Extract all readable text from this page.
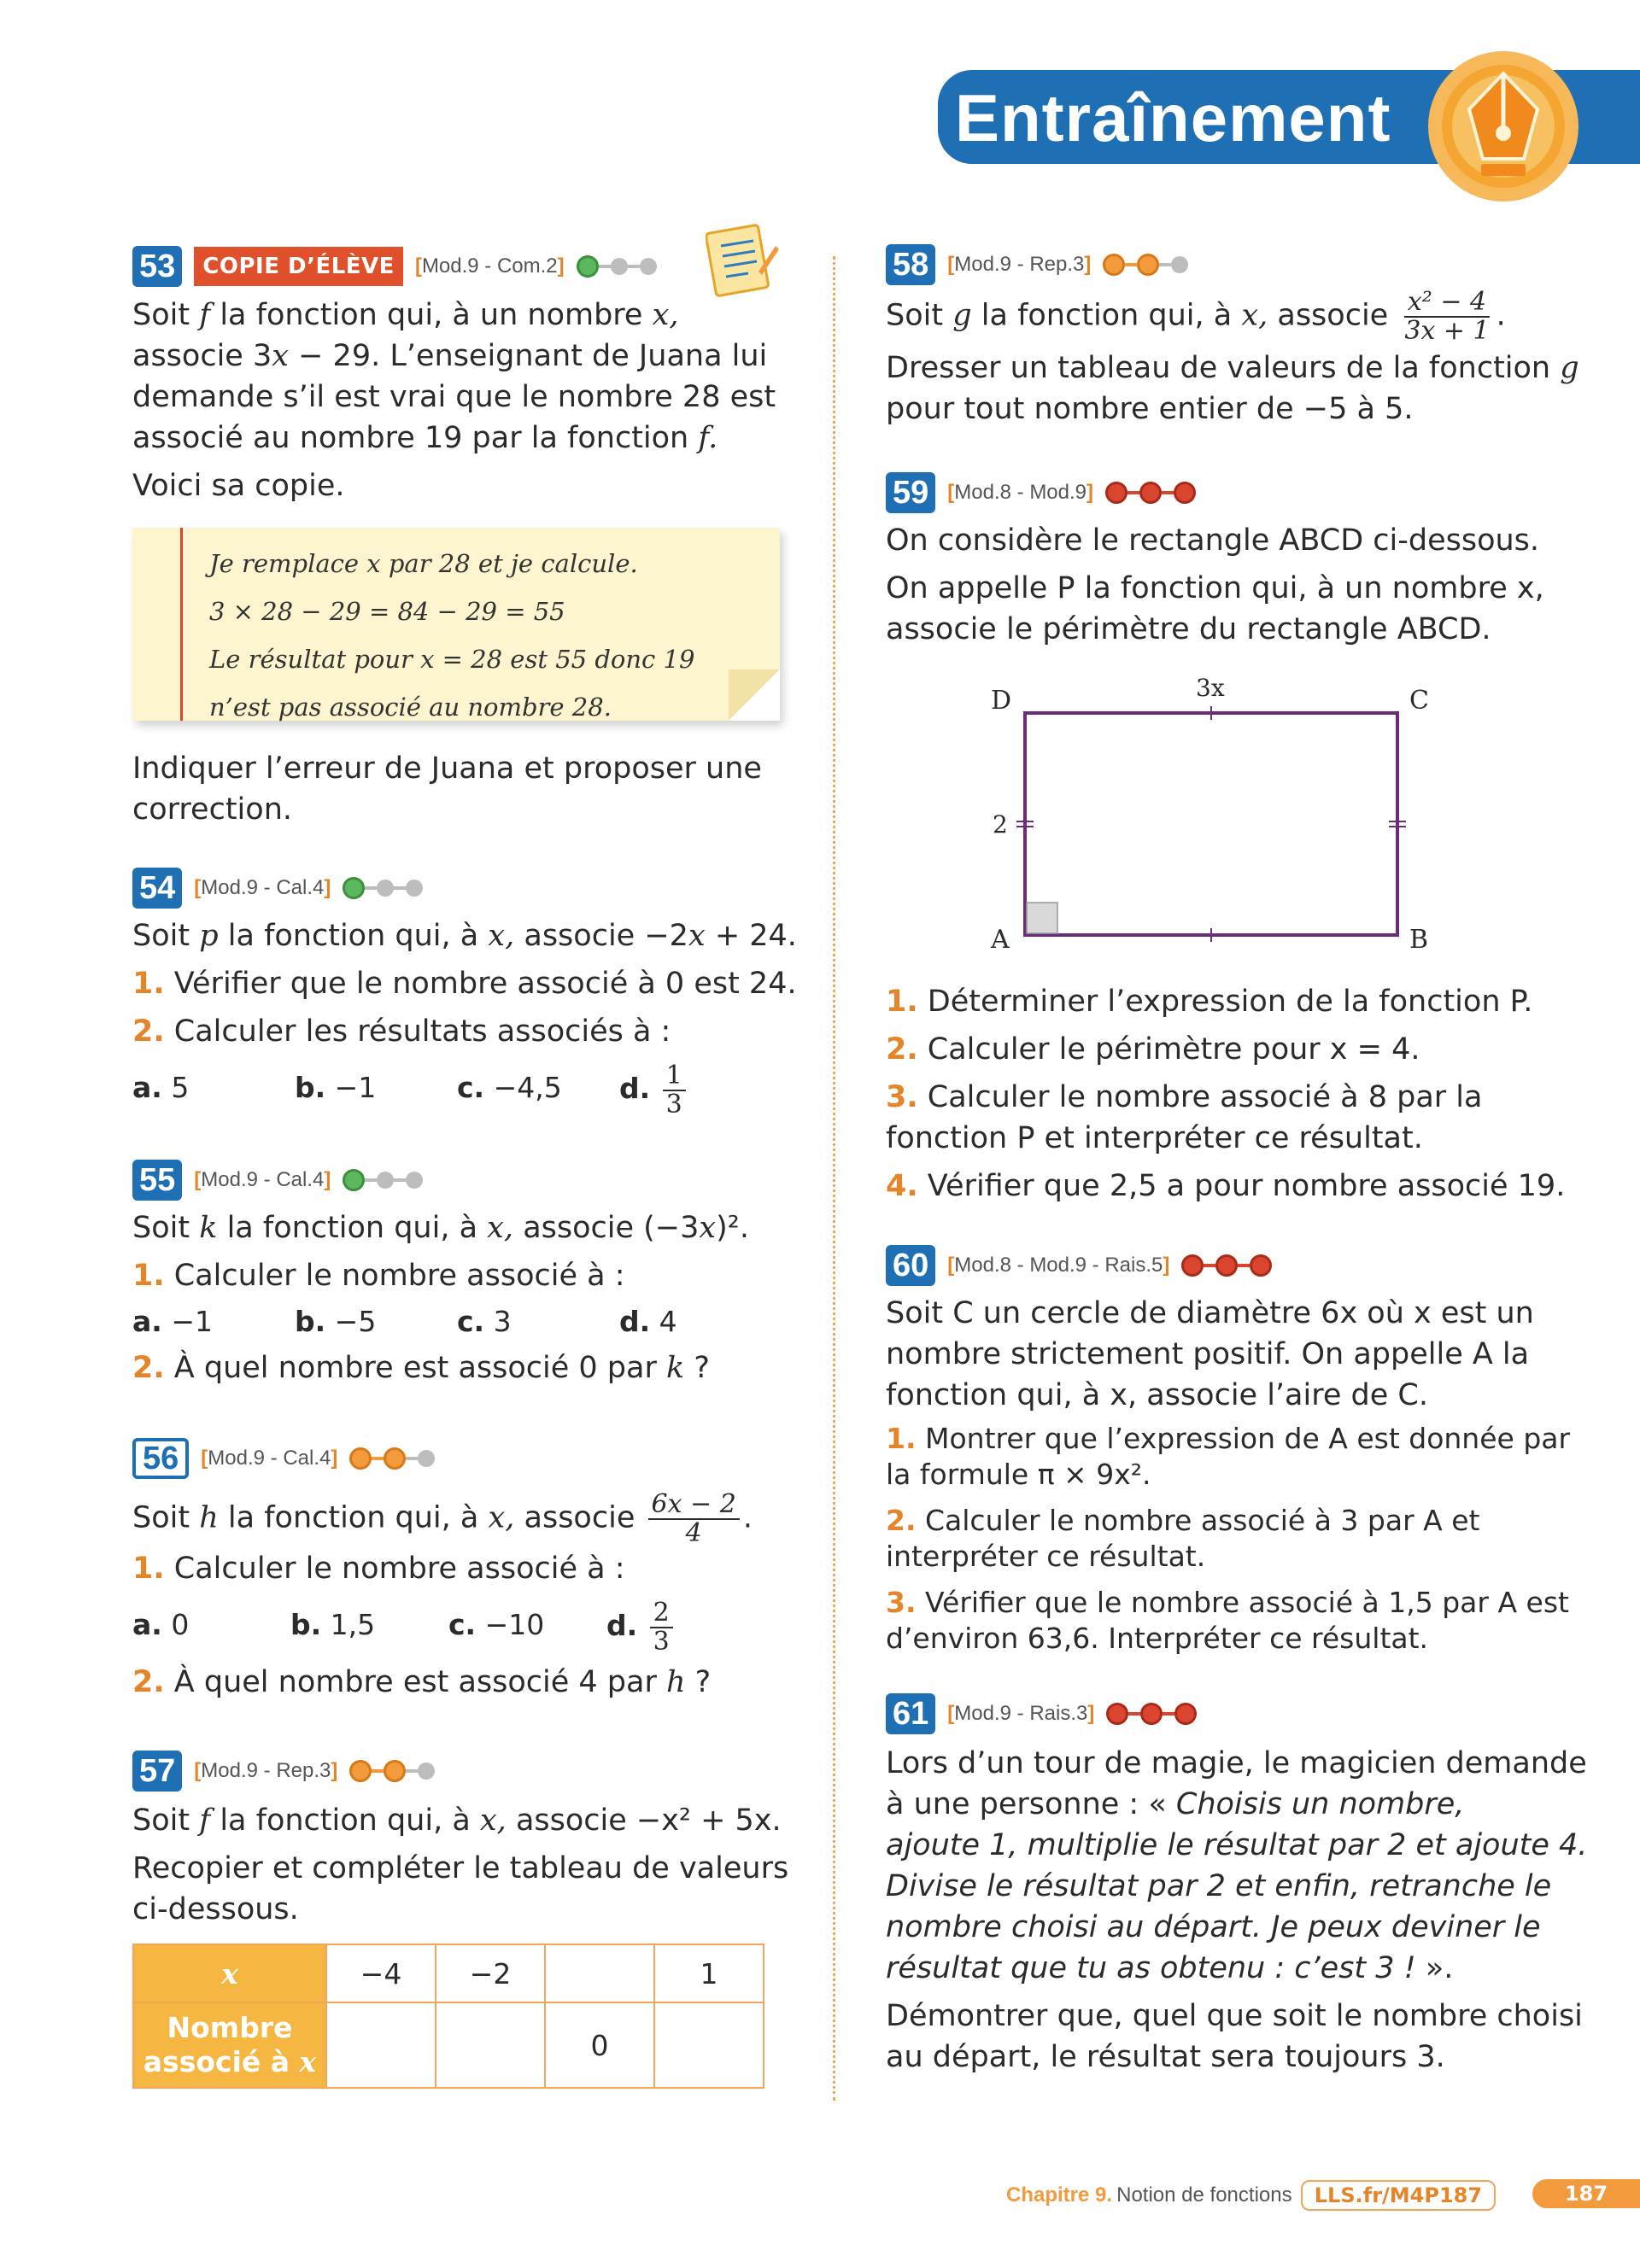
Entraînement
53	COPIE D’ÉLÈVE	[Mod.9 - Com.2]

Soit f la fonction qui, à un nombre x,

associe 3x − 29. L’enseignant de Juana lui

demande s’il est vrai que le nombre 28 est

associé au nombre 19 par la fonction f.

Voici sa copie.

Je remplace x par 28 et je calcule.
3 × 28 − 29 = 84 − 29 = 55
Le résultat pour x = 28 est 55 donc 19
n’est pas associé au nombre 28.

Indiquer l’erreur de Juana et proposer une

correction.

54 [Mod.9 - Cal.4]

Soit p la fonction qui, à x, associe −2x + 24.

1. Vérifier que le nombre associé à 0 est 24.

2. Calculer les résultats associés à :

a. 5	b. −1	c. −4,5	d. $\frac{1}{3}$
55 [Mod.9 - Cal.4]

Soit k la fonction qui, à x, associe (−3x)².

1. Calculer le nombre associé à :

a. −1	b. −5	c. 3	d. 4

2. À quel nombre est associé 0 par k ?

56	[Mod.9 - Cal.4]

Soit h la fonction qui, à x, associe $\frac{6x - 2}{4}$ .

1. Calculer le nombre associé à :

a. 0	b. 1,5	c. −10	d. $\frac{2}{3}$

2. À quel nombre est associé 4 par h ?

57 [Mod.9 - Rep.3]

Soit f la fonction qui, à x, associe −x² + 5x.

Recopier et compléter le tableau de valeurs

ci-dessous.

x	−4	−2		1
Nombre
associé à x			0	
58 [Mod.9 - Rep.3]

Soit g la fonction qui, à x, associe $\frac{\text{x² − 4}}{3x + 1}$ .

Dresser un tableau de valeurs de la fonction g

pour tout nombre entier de −5 à 5.

59 [Mod.8 - Mod.9]

On considère le rectangle ABCD ci-dessous.

On appelle P la fonction qui, à un nombre x,

associe le périmètre du rectangle ABCD.

D	C
A	B
3x
2

1. Déterminer l’expression de la fonction P.

2. Calculer le périmètre pour x = 4.

3. Calculer le nombre associé à 8 par la

fonction P et interpréter ce résultat.

4. Vérifier que 2,5 a pour nombre associé 19.

60 [Mod.8 - Mod.9 - Rais.5]

Soit C un cercle de diamètre 6x où x est un

nombre strictement positif. On appelle A la

fonction qui, à x, associe l’aire de C.

1. Montrer que l’expression de A est donnée par

la formule π × 9x².

2. Calculer le nombre associé à 3 par A et

interpréter ce résultat.

3. Vérifier que le nombre associé à 1,5 par A est

d’environ 63,6. Interpréter ce résultat.

61 [Mod.9 - Rais.3]

Lors d’un tour de magie, le magicien demande

à une personne : « Choisis un nombre,

ajoute 1, multiplie le résultat par 2 et ajoute 4.

Divise le résultat par 2 et enfin, retranche le

nombre choisi au départ. Je peux deviner le

résultat que tu as obtenu : c’est 3 ! ».

Démontrer que, quel que soit le nombre choisi

au départ, le résultat sera toujours 3.

Chapitre 9.
Notion de fonctions
	LLS.fr/M4P187	187
